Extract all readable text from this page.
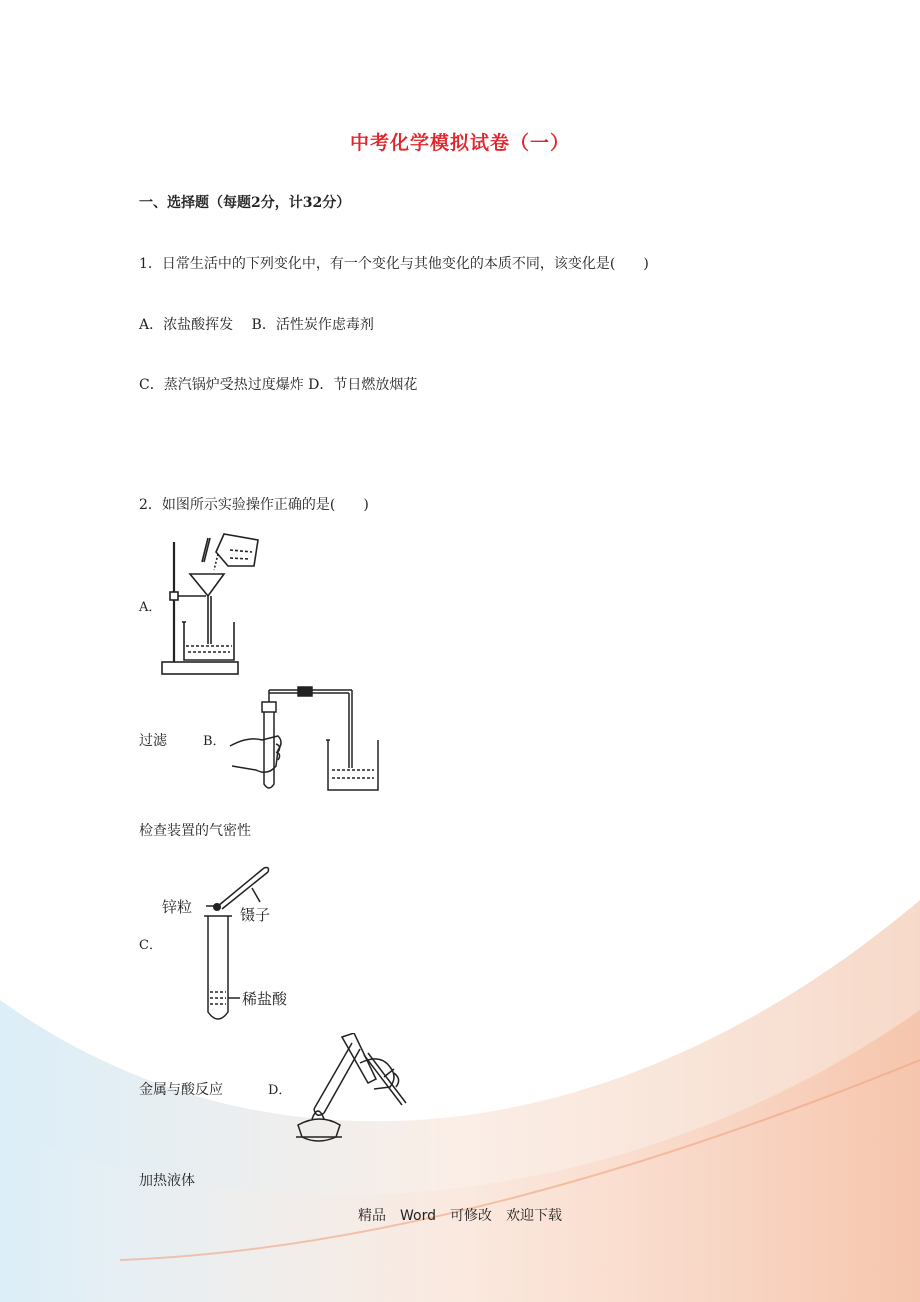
中考化学模拟试卷（一）
一、选择题（每题2分，计32分）
1．日常生活中的下列变化中，有一个变化与其他变化的本质不同，该变化是(　　)
A．浓盐酸挥发　 B．活性炭作虑毒剂
C．蒸汽锅炉受热过度爆炸 D．节日燃放烟花
2．如图所示实验操作正确的是(　　)
A．
过滤	B．
检查装置的气密性
C．
锌粒	镊子
稀盐酸
金属与酸反应	D．
加热液体
精品　Word　可修改　欢迎下载
